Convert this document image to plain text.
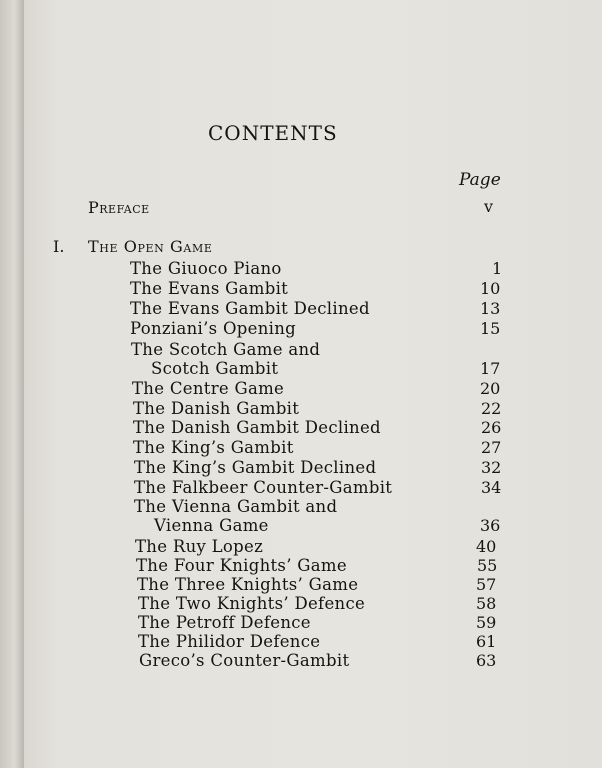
CONTENTS
Page
Preface	v
I. The Open Game
The Giuoco Piano	1
The Evans Gambit	10
The Evans Gambit Declined	13
Ponziani’s Opening	15
The Scotch Game and
Scotch Gambit	17
The Centre Game	20
The Danish Gambit	22
The Danish Gambit Declined	26
The King’s Gambit	27
The King’s Gambit Declined	32
The Falkbeer Counter-Gambit	34
The Vienna Gambit and
Vienna Game	36
The Ruy Lopez	40
The Four Knights’ Game	55
The Three Knights’ Game	57
The Two Knights’ Defence	58
The Petroff Defence	59
The Philidor Defence	61
Greco’s Counter-Gambit	63
